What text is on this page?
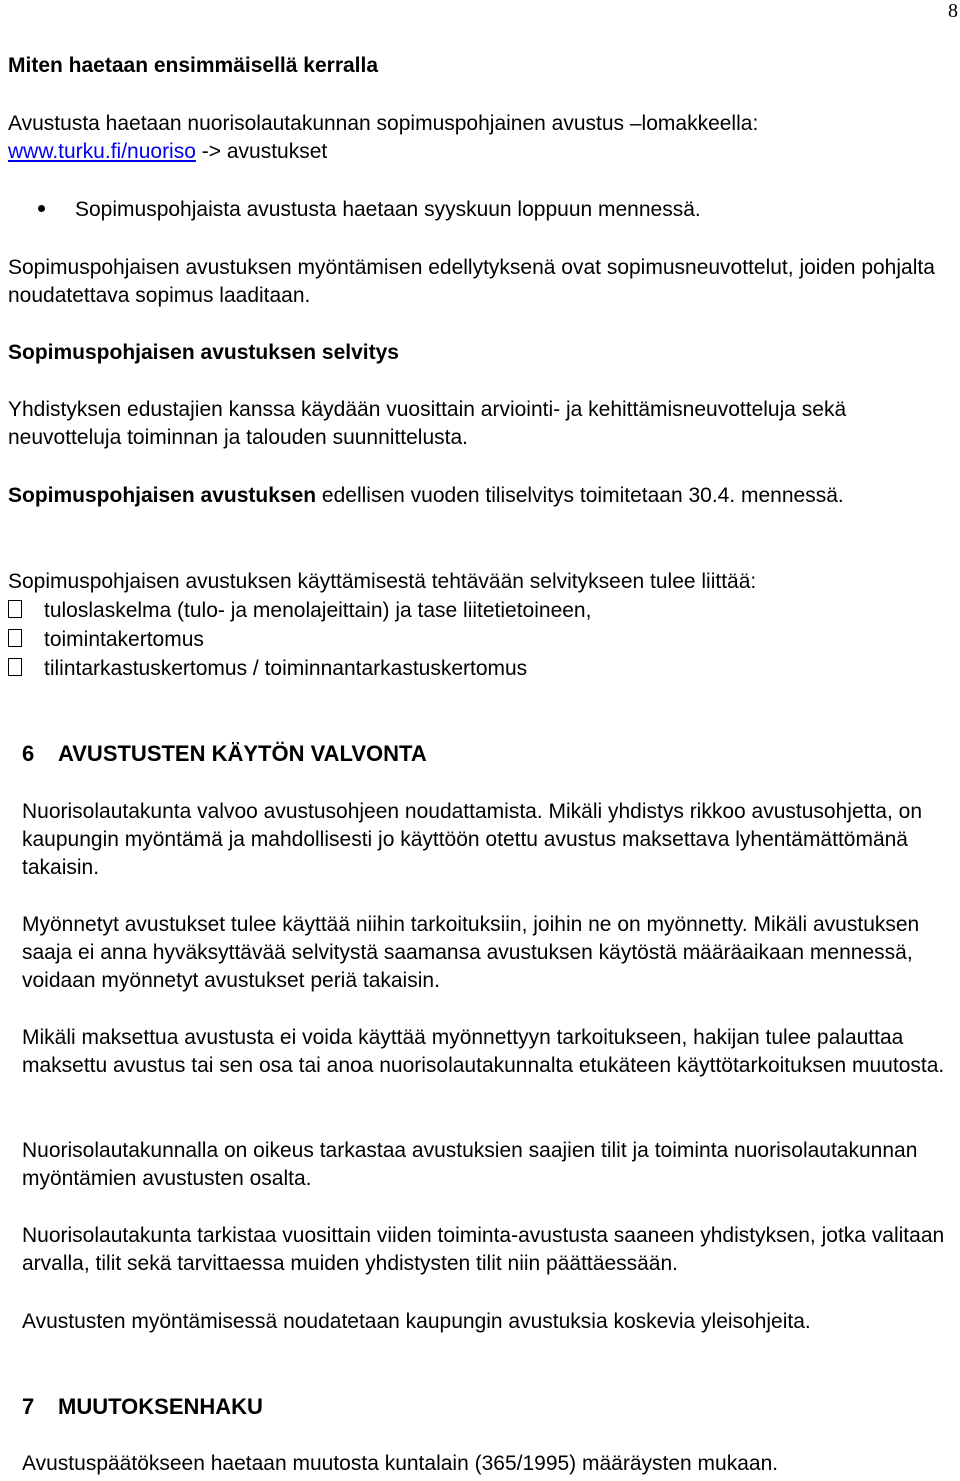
8
Miten haetaan ensimmäisellä kerralla
Avustusta haetaan nuorisolautakunnan sopimuspohjainen avustus –lomakkeella:
www.turku.fi/nuoriso -> avustukset
Sopimuspohjaista avustusta haetaan syyskuun loppuun mennessä.
Sopimuspohjaisen avustuksen myöntämisen edellytyksenä ovat sopimusneuvottelut, joiden pohjalta noudatettava sopimus laaditaan.
Sopimuspohjaisen avustuksen selvitys
Yhdistyksen edustajien kanssa käydään vuosittain arviointi- ja kehittämisneuvotteluja sekä neuvotteluja toiminnan ja talouden suunnittelusta.
Sopimuspohjaisen avustuksen edellisen vuoden tiliselvitys toimitetaan 30.4. mennessä.
Sopimuspohjaisen avustuksen käyttämisestä tehtävään selvitykseen tulee liittää:
tuloslaskelma (tulo- ja menolajeittain) ja tase liitetietoineen,
toimintakertomus
tilintarkastuskertomus / toiminnantarkastuskertomus
6 AVUSTUSTEN KÄYTÖN VALVONTA
Nuorisolautakunta valvoo avustusohjeen noudattamista. Mikäli yhdistys rikkoo avustusohjetta, on kaupungin myöntämä ja mahdollisesti jo käyttöön otettu avustus maksettava lyhentämättömänä takaisin.
Myönnetyt avustukset tulee käyttää niihin tarkoituksiin, joihin ne on myönnetty. Mikäli avustuksen saaja ei anna hyväksyttävää selvitystä saamansa avustuksen käytöstä määräaikaan mennessä, voidaan myönnetyt avustukset periä takaisin.
Mikäli maksettua avustusta ei voida käyttää myönnettyyn tarkoitukseen, hakijan tulee palauttaa maksettu avustus tai sen osa tai anoa nuorisolautakunnalta etukäteen käyttötarkoituksen muutosta.
Nuorisolautakunnalla on oikeus tarkastaa avustuksien saajien tilit ja toiminta nuorisolautakunnan myöntämien avustusten osalta.
Nuorisolautakunta tarkistaa vuosittain viiden toiminta-avustusta saaneen yhdistyksen, jotka valitaan arvalla, tilit sekä tarvittaessa muiden yhdistysten tilit niin päättäessään.
Avustusten myöntämisessä noudatetaan kaupungin avustuksia koskevia yleisohjeita.
7 MUUTOKSENHAKU
Avustuspäätökseen haetaan muutosta kuntalain (365/1995) määräysten mukaan.
